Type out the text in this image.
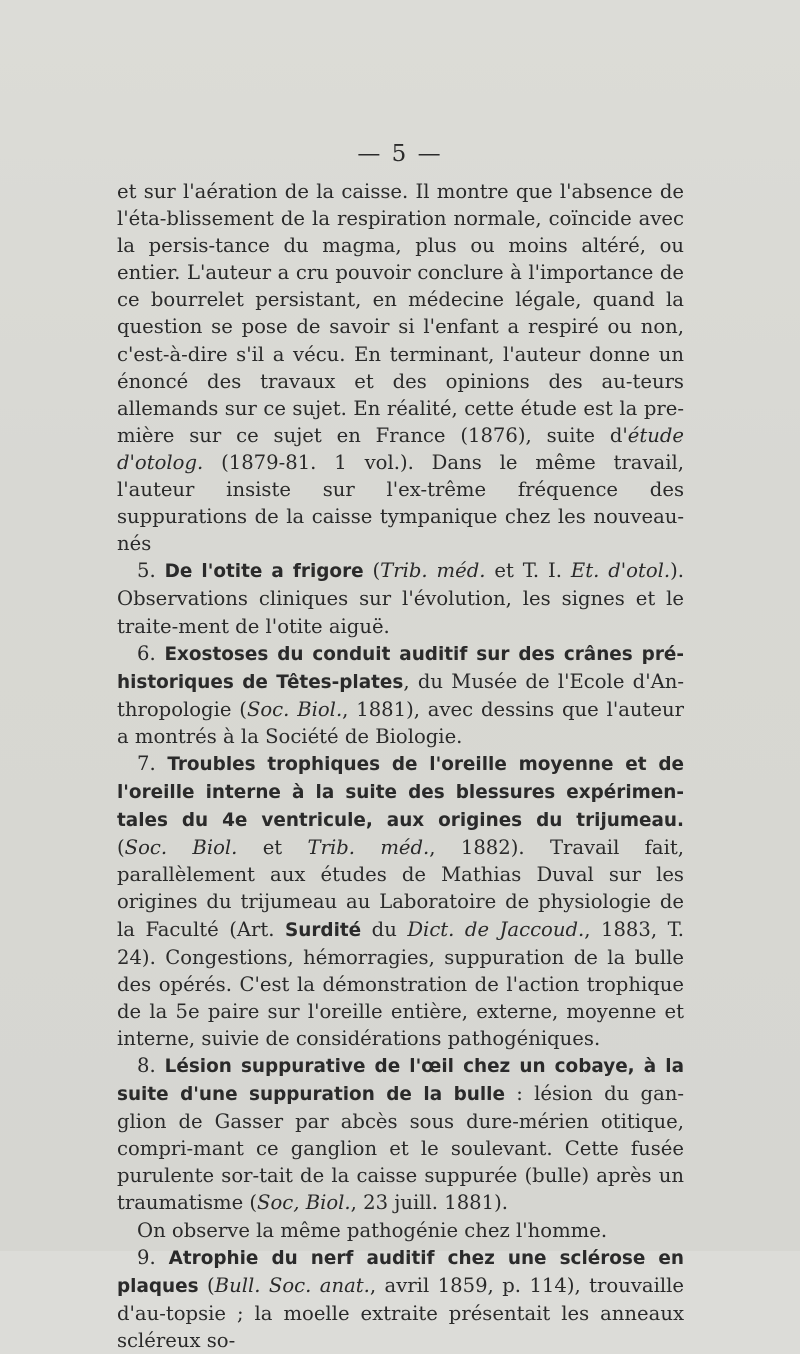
— 5 —

et sur l'aération de la caisse. Il montre que l'absence de l'éta-blissement de la respiration normale, coïncide avec la persis-tance du magma, plus ou moins altéré, ou entier. L'auteur a cru pouvoir conclure à l'importance de ce bourrelet persistant, en médecine légale, quand la question se pose de savoir si l'enfant a respiré ou non, c'est-à-dire s'il a vécu. En terminant, l'auteur donne un énoncé des travaux et des opinions des au-teurs allemands sur ce sujet. En réalité, cette étude est la pre-mière sur ce sujet en France (1876), suite d'étude d'otolog. (1879-81. 1 vol.). Dans le même travail, l'auteur insiste sur l'ex-trême fréquence des suppurations de la caisse tympanique chez les nouveau-nés

5. De l'otite a frigore (Trib. méd. et T. I. Et. d'otol.). Observations cliniques sur l'évolution, les signes et le traite-ment de l'otite aiguë.

6. Exostoses du conduit auditif sur des crânes pré-historiques de Têtes-plates, du Musée de l'Ecole d'An-thropologie (Soc. Biol., 1881), avec dessins que l'auteur a montrés à la Société de Biologie.

7. Troubles trophiques de l'oreille moyenne et de l'oreille interne à la suite des blessures expérimen-tales du 4e ventricule, aux origines du trijumeau. (Soc. Biol. et Trib. méd., 1882). Travail fait, parallèlement aux études de Mathias Duval sur les origines du trijumeau au Laboratoire de physiologie de la Faculté (Art. Surdité du Dict. de Jaccoud., 1883, T. 24). Congestions, hémorragies, suppuration de la bulle des opérés. C'est la démonstration de l'action trophique de la 5e paire sur l'oreille entière, externe, moyenne et interne, suivie de considérations pathogéniques.

8. Lésion suppurative de l'œil chez un cobaye, à la suite d'une suppuration de la bulle : lésion du gan-glion de Gasser par abcès sous dure-mérien otitique, compri-mant ce ganglion et le soulevant. Cette fusée purulente sor-tait de la caisse suppurée (bulle) après un traumatisme (Soc, Biol., 23 juill. 1881).

On observe la même pathogénie chez l'homme.

9. Atrophie du nerf auditif chez une sclérose en plaques (Bull. Soc. anat., avril 1859, p. 114), trouvaille d'au-topsie ; la moelle extraite présentait les anneaux scléreux so-
